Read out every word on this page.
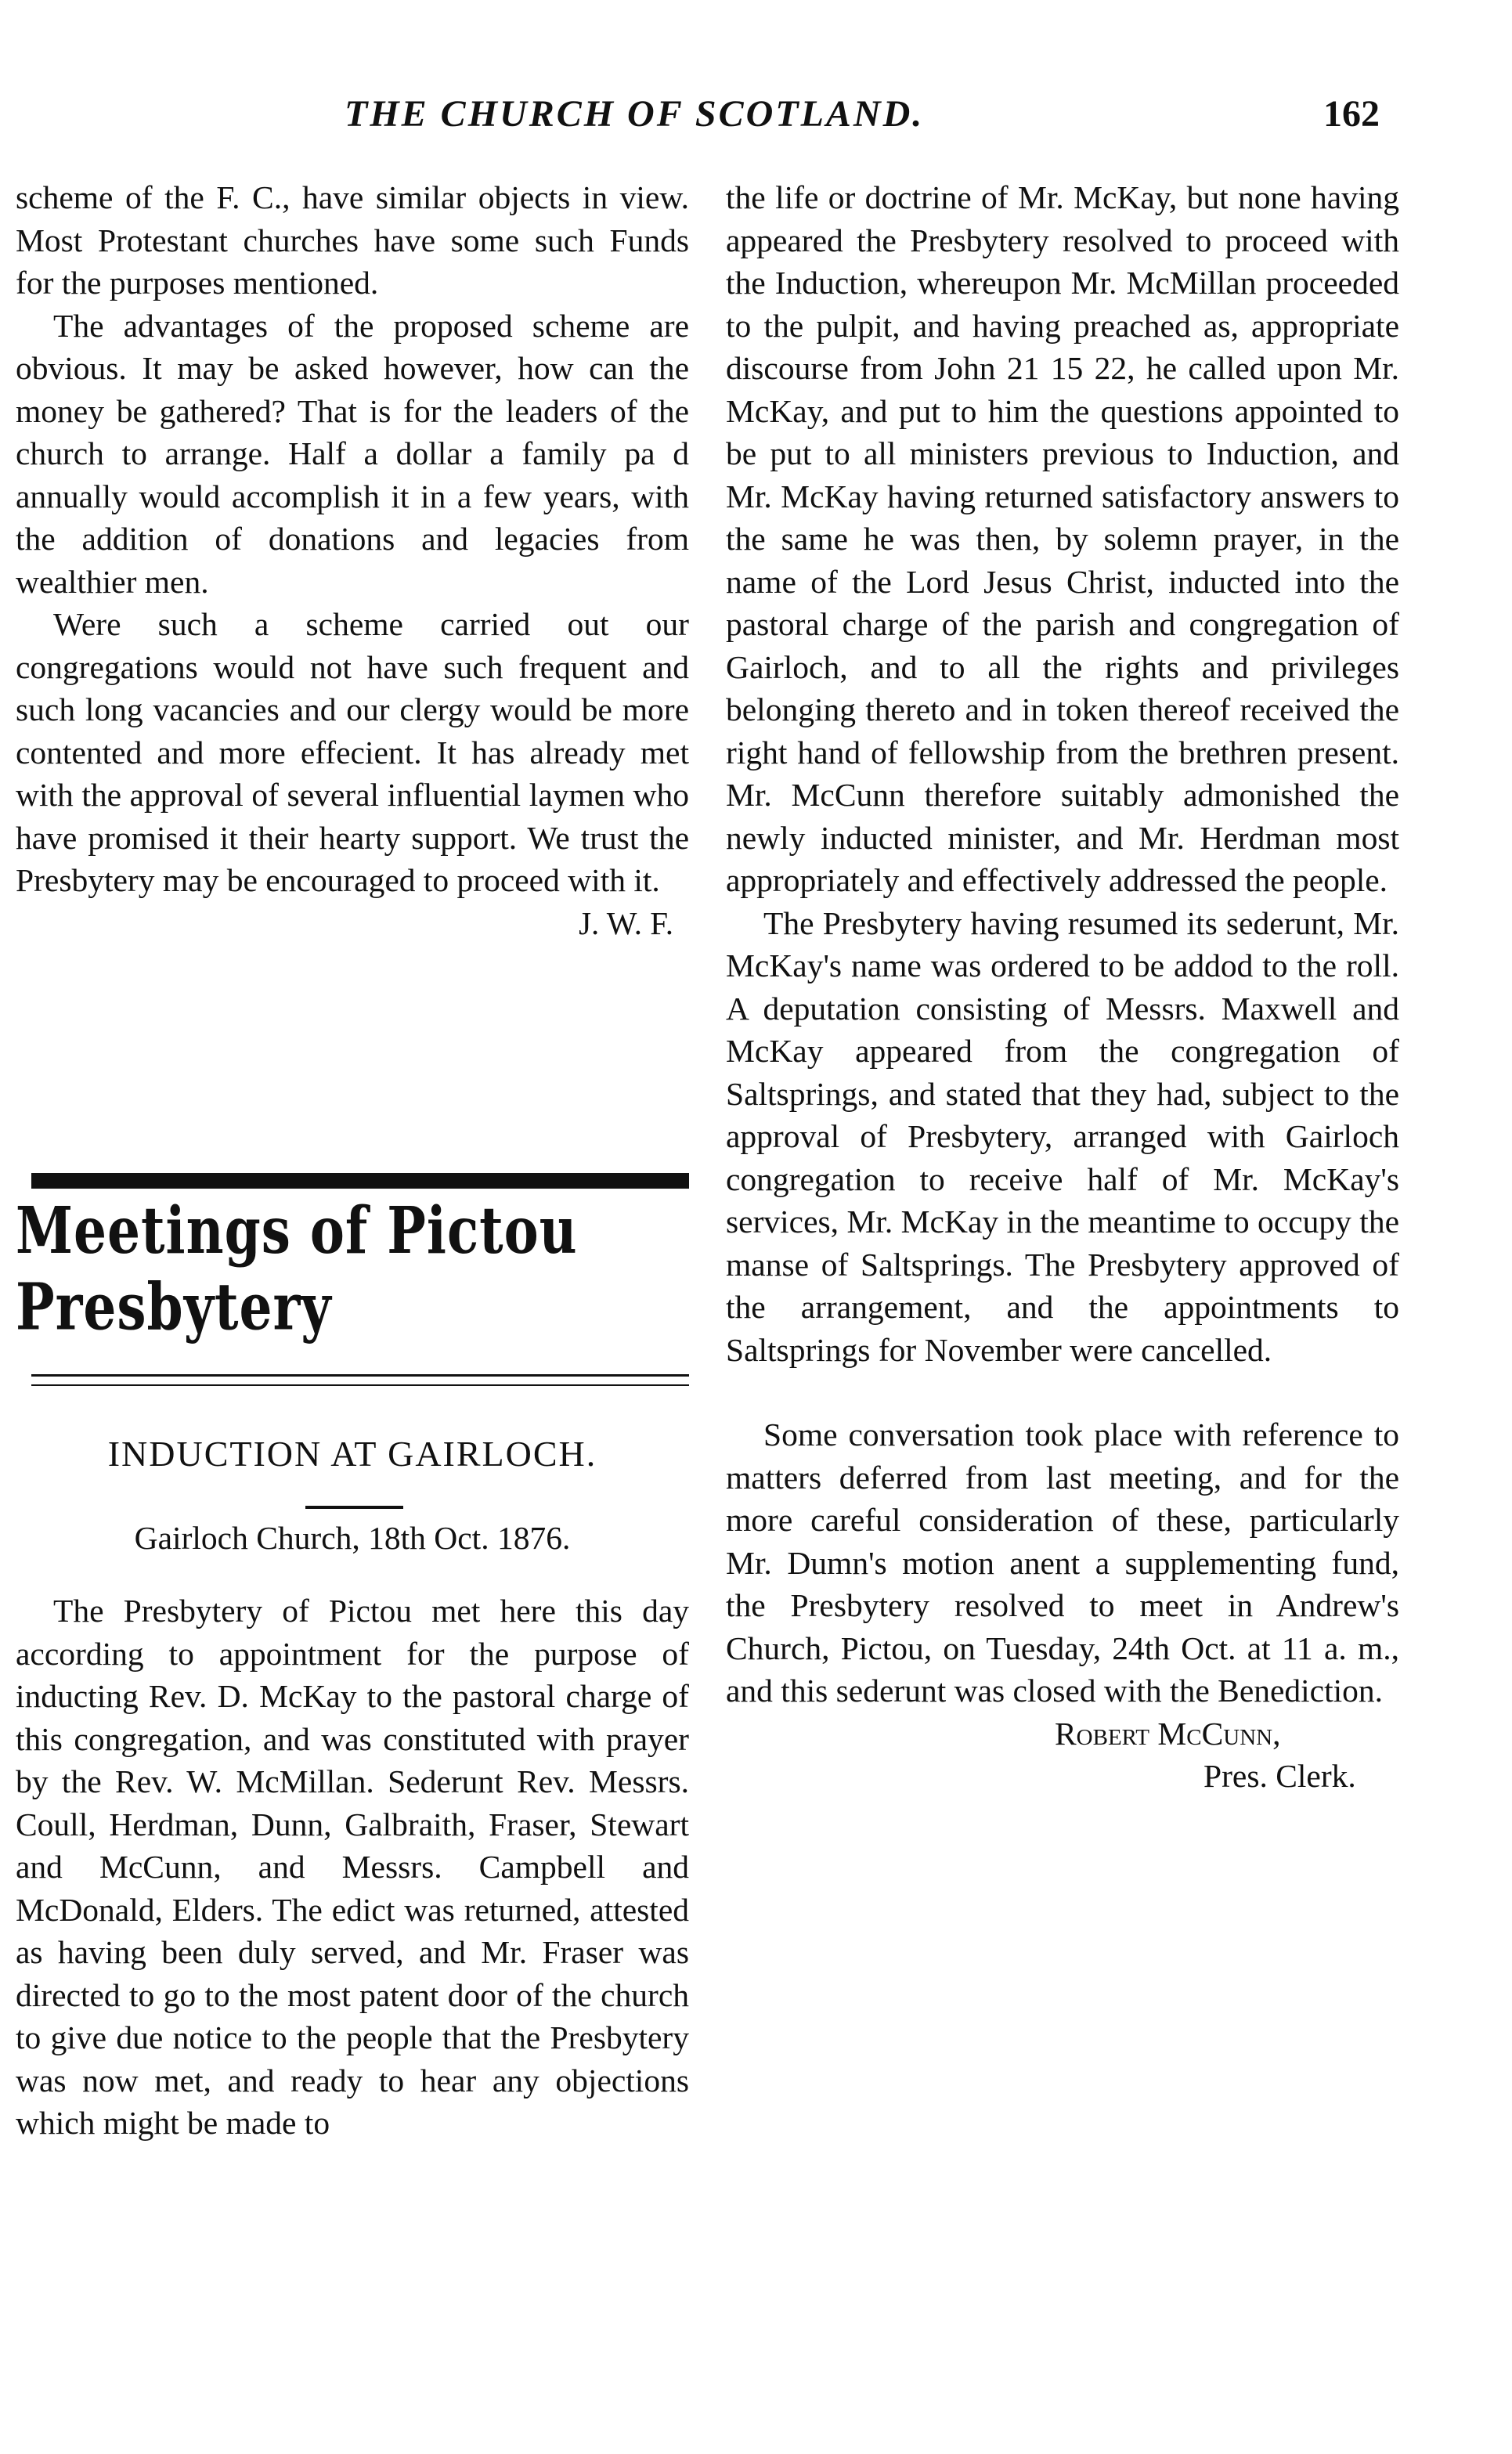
THE CHURCH OF SCOTLAND.	162

scheme of the F. C., have similar objects in view. Most Protestant churches have some such Funds for the purposes mentioned.

The advantages of the proposed scheme are obvious. It may be asked however, how can the money be gathered? That is for the leaders of the church to arrange. Half a dollar a family pa d annually would accomplish it in a few years, with the addition of donations and legacies from wealthier men.

Were such a scheme carried out our congregations would not have such frequent and such long vacancies and our clergy would be more contented and more effecient. It has already met with the approval of several influential laymen who have promised it their hearty support. We trust the Presbytery may be encouraged to proceed with it.

J. W. F.

Meetings of Pictou Presbytery
INDUCTION AT GAIRLOCH.
Gairloch Church, 18th Oct. 1876.

The Presbytery of Pictou met here this day according to appointment for the purpose of inducting Rev. D. McKay to the pastoral charge of this congregation, and was constituted with prayer by the Rev. W. McMillan. Sederunt Rev. Messrs. Coull, Herdman, Dunn, Galbraith, Fraser, Stewart and McCunn, and Messrs. Campbell and McDonald, Elders. The edict was returned, attested as having been duly served, and Mr. Fraser was directed to go to the most patent door of the church to give due notice to the people that the Presbytery was now met, and ready to hear any objections which might be made to

the life or doctrine of Mr. McKay, but none having appeared the Presbytery resolved to proceed with the Induction, whereupon Mr. McMillan proceeded to the pulpit, and having preached as, appropriate discourse from John 21 15 22, he called upon Mr. McKay, and put to him the questions appointed to be put to all ministers previous to Induction, and Mr. McKay having returned satisfactory answers to the same he was then, by solemn prayer, in the name of the Lord Jesus Christ, inducted into the pastoral charge of the parish and congregation of Gairloch, and to all the rights and privileges belonging thereto and in token thereof received the right hand of fellowship from the brethren present. Mr. McCunn therefore suitably admonished the newly inducted minister, and Mr. Herdman most appropriately and effectively addressed the people.

The Presbytery having resumed its sederunt, Mr. McKay's name was ordered to be addod to the roll. A deputation consisting of Messrs. Maxwell and McKay appeared from the congregation of Saltsprings, and stated that they had, subject to the approval of Presbytery, arranged with Gairloch congregation to receive half of Mr. McKay's services, Mr. McKay in the meantime to occupy the manse of Saltsprings. The Presbytery approved of the arrangement, and the appointments to Saltsprings for November were cancelled.

Some conversation took place with reference to matters deferred from last meeting, and for the more careful consideration of these, particularly Mr. Dumn's motion anent a supplementing fund, the Presbytery resolved to meet in Andrew's Church, Pictou, on Tuesday, 24th Oct. at 11 a. m., and this sederunt was closed with the Benediction.

Robert McCunn,

Pres. Clerk.
